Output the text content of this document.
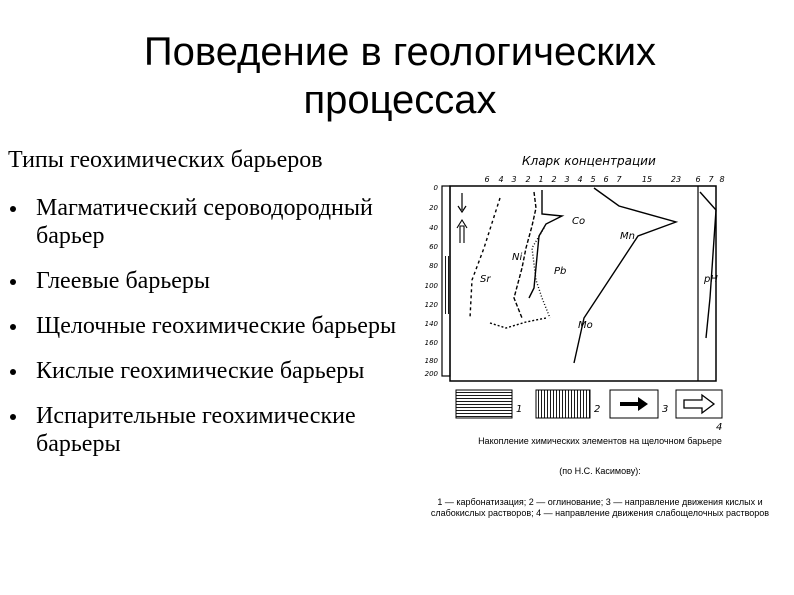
Поведение в геологических процессах
Типы геохимических барьеров
Магматический сероводородный барьер
Глеевые барьеры
Щелочные геохимические барьеры
Кислые геохимические барьеры
Испарительные геохимические барьеры
Кларк концентрации
6 4 3 2 1 2 3 4 5 6 7	15 23 6 7 8
0
20
40
60
80
100
120
140
160
180
200
Co
Mn
Ni
Pb
Sr
Mo
pH
1	2	3
4
Накопление химических элементов на щелочном барьере
(по Н.С. Касимову):
1 — карбонатизация; 2 — оглинование; 3 — направление движения кислых и слабокислых растворов; 4 — направление движения слабощелочных растворов
